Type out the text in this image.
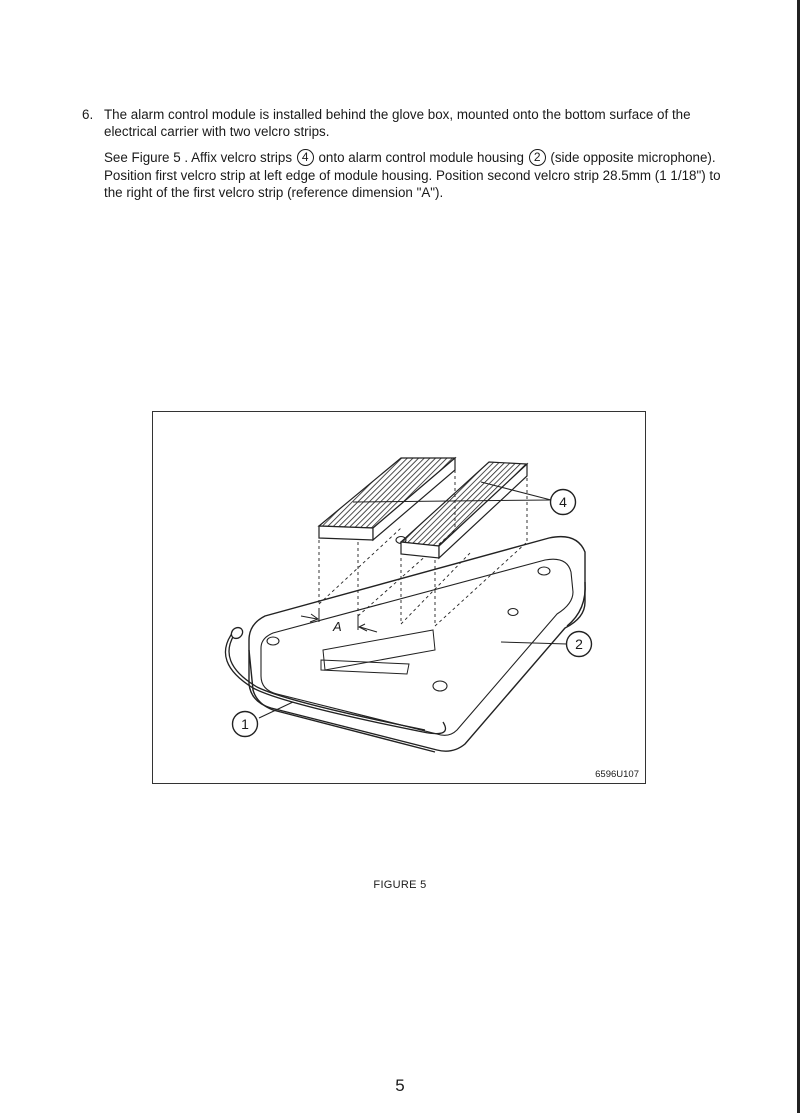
6. The alarm control module is installed behind the glove box, mounted onto the bottom surface of the electrical carrier with two velcro strips.
See Figure 5 . Affix velcro strips 4 onto alarm control module housing 2 (side opposite microphone). Position first velcro strip at left edge of module housing. Position second velcro strip 28.5mm (1 1/18") to the right of the first velcro strip (reference dimension "A").
A
4
2
1
6596U107
FIGURE 5
5
